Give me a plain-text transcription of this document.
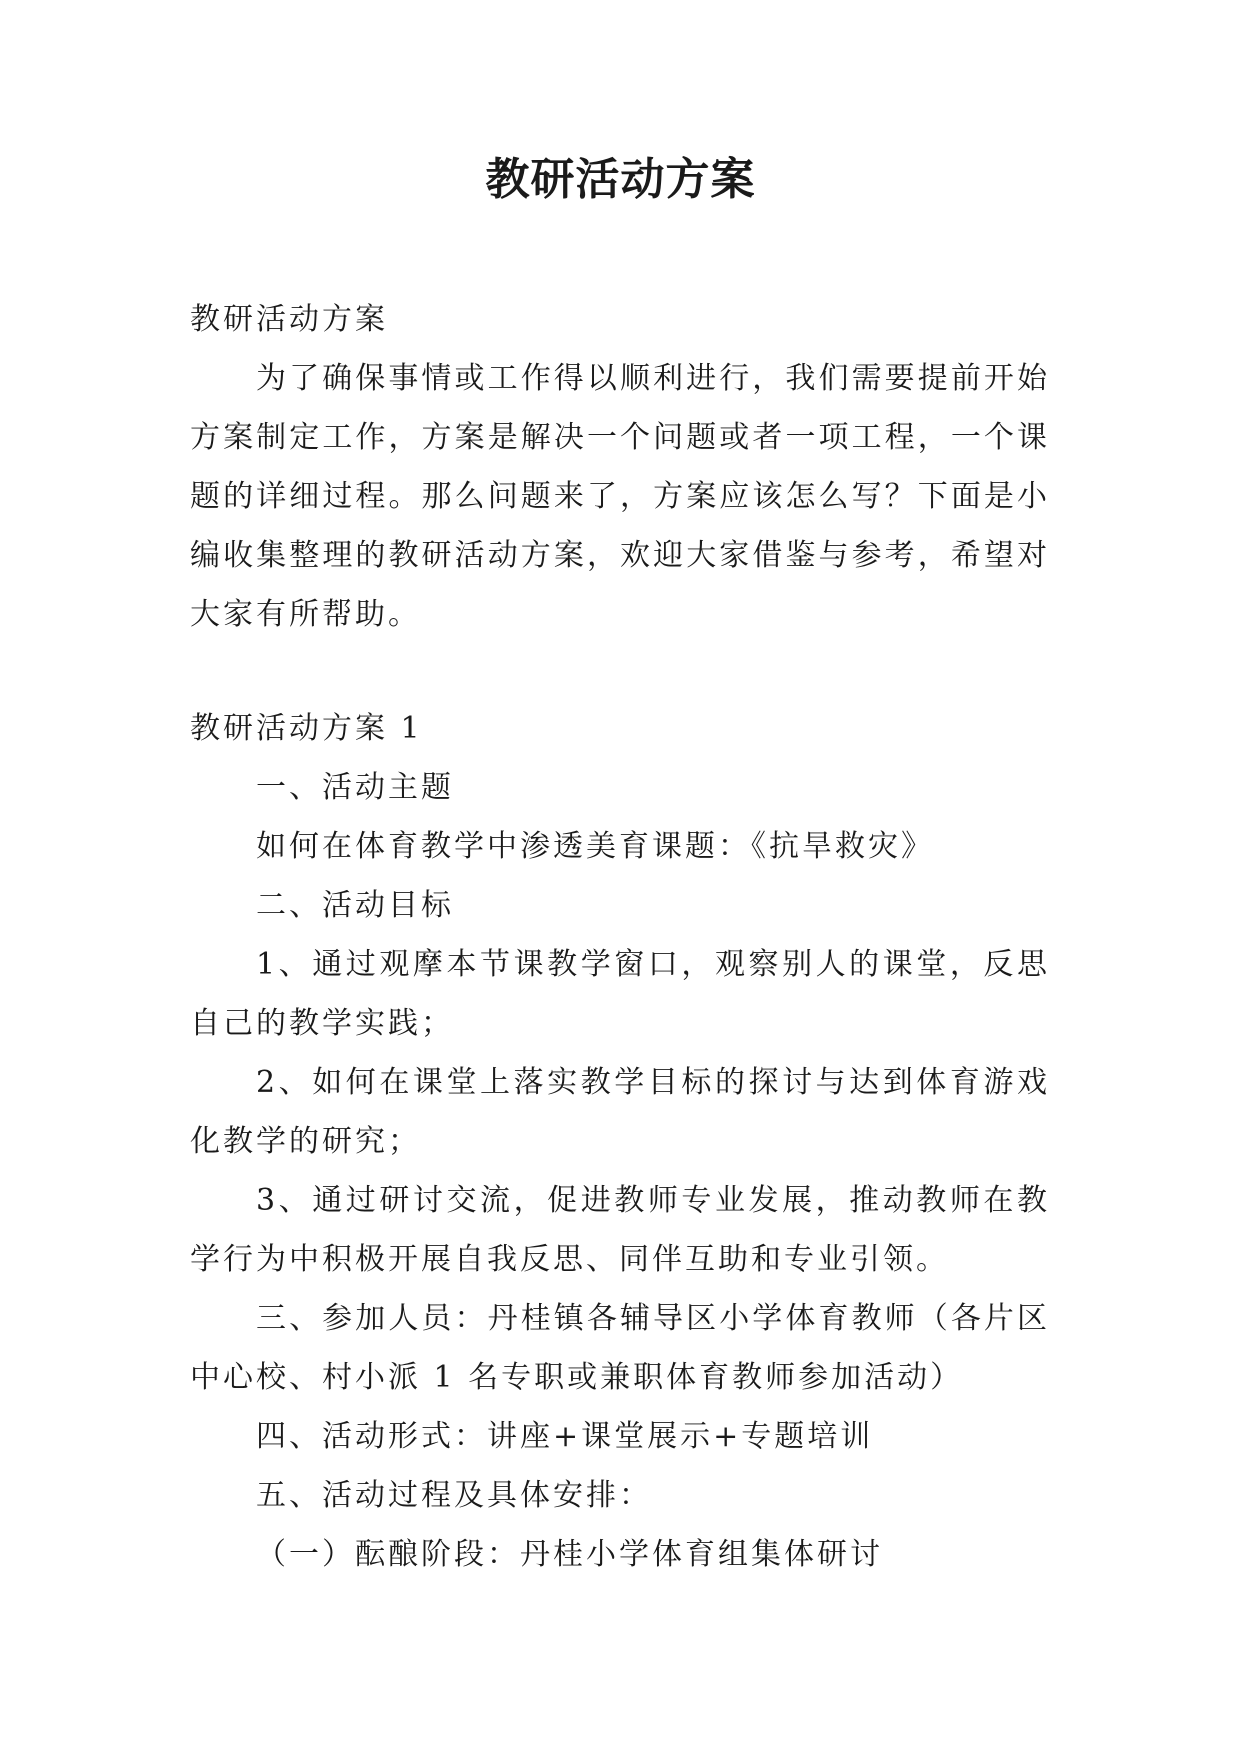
教研活动方案

教研活动方案

为了确保事情或工作得以顺利进行，我们需要提前开始方案制定工作，方案是解决一个问题或者一项工程，一个课题的详细过程。那么问题来了，方案应该怎么写？下面是小编收集整理的教研活动方案，欢迎大家借鉴与参考，希望对大家有所帮助。

教研活动方案 1

一、活动主题

如何在体育教学中渗透美育课题：《抗旱救灾》

二、活动目标

1、通过观摩本节课教学窗口，观察别人的课堂，反思自己的教学实践；

2、如何在课堂上落实教学目标的探讨与达到体育游戏化教学的研究；

3、通过研讨交流，促进教师专业发展，推动教师在教学行为中积极开展自我反思、同伴互助和专业引领。

三、参加人员：丹桂镇各辅导区小学体育教师（各片区中心校、村小派 1 名专职或兼职体育教师参加活动）

四、活动形式：讲座+课堂展示+专题培训

五、活动过程及具体安排：

（一）酝酿阶段：丹桂小学体育组集体研讨
